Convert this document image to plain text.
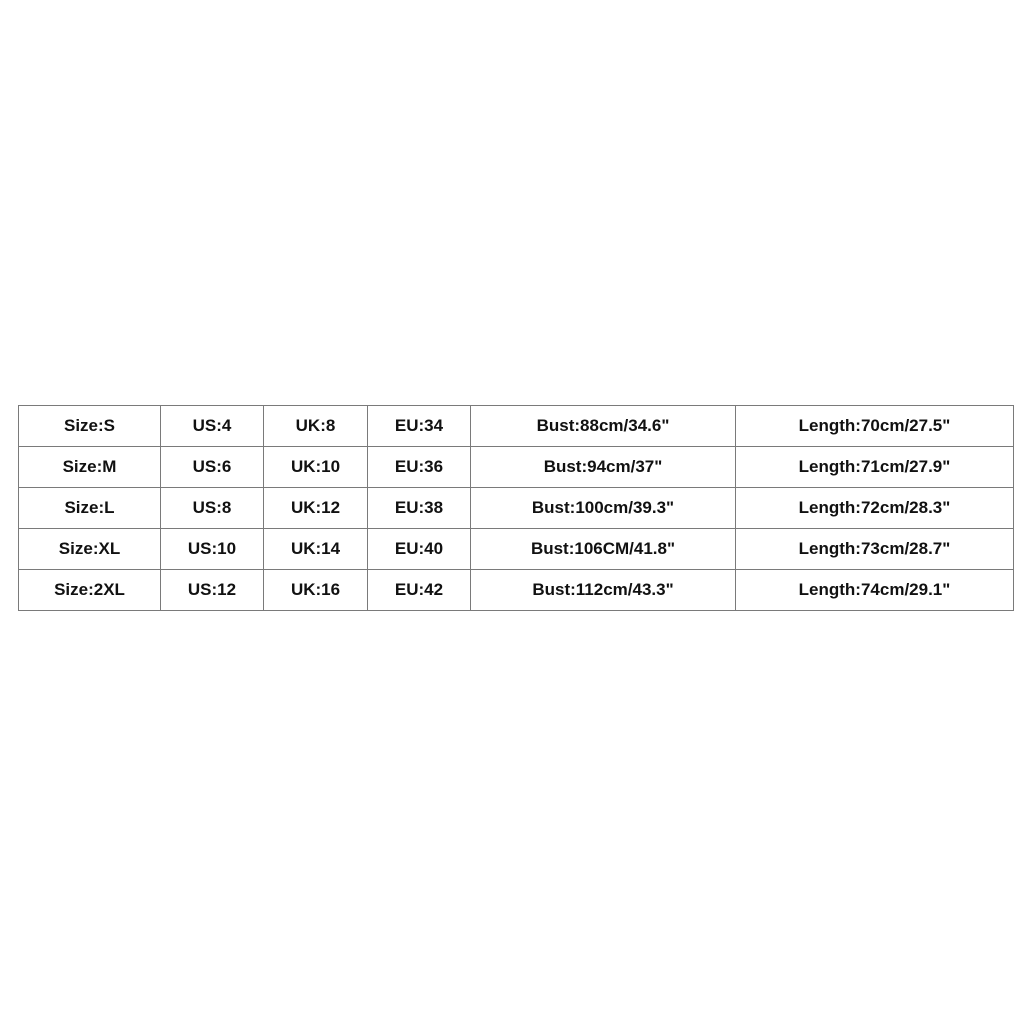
Size:S	US:4	UK:8	EU:34	Bust:88cm/34.6"	Length:70cm/27.5"
Size:M	US:6	UK:10	EU:36	Bust:94cm/37"	Length:71cm/27.9"
Size:L	US:8	UK:12	EU:38	Bust:100cm/39.3"	Length:72cm/28.3"
Size:XL	US:10	UK:14	EU:40	Bust:106CM/41.8"	Length:73cm/28.7"
Size:2XL	US:12	UK:16	EU:42	Bust:112cm/43.3"	Length:74cm/29.1"
